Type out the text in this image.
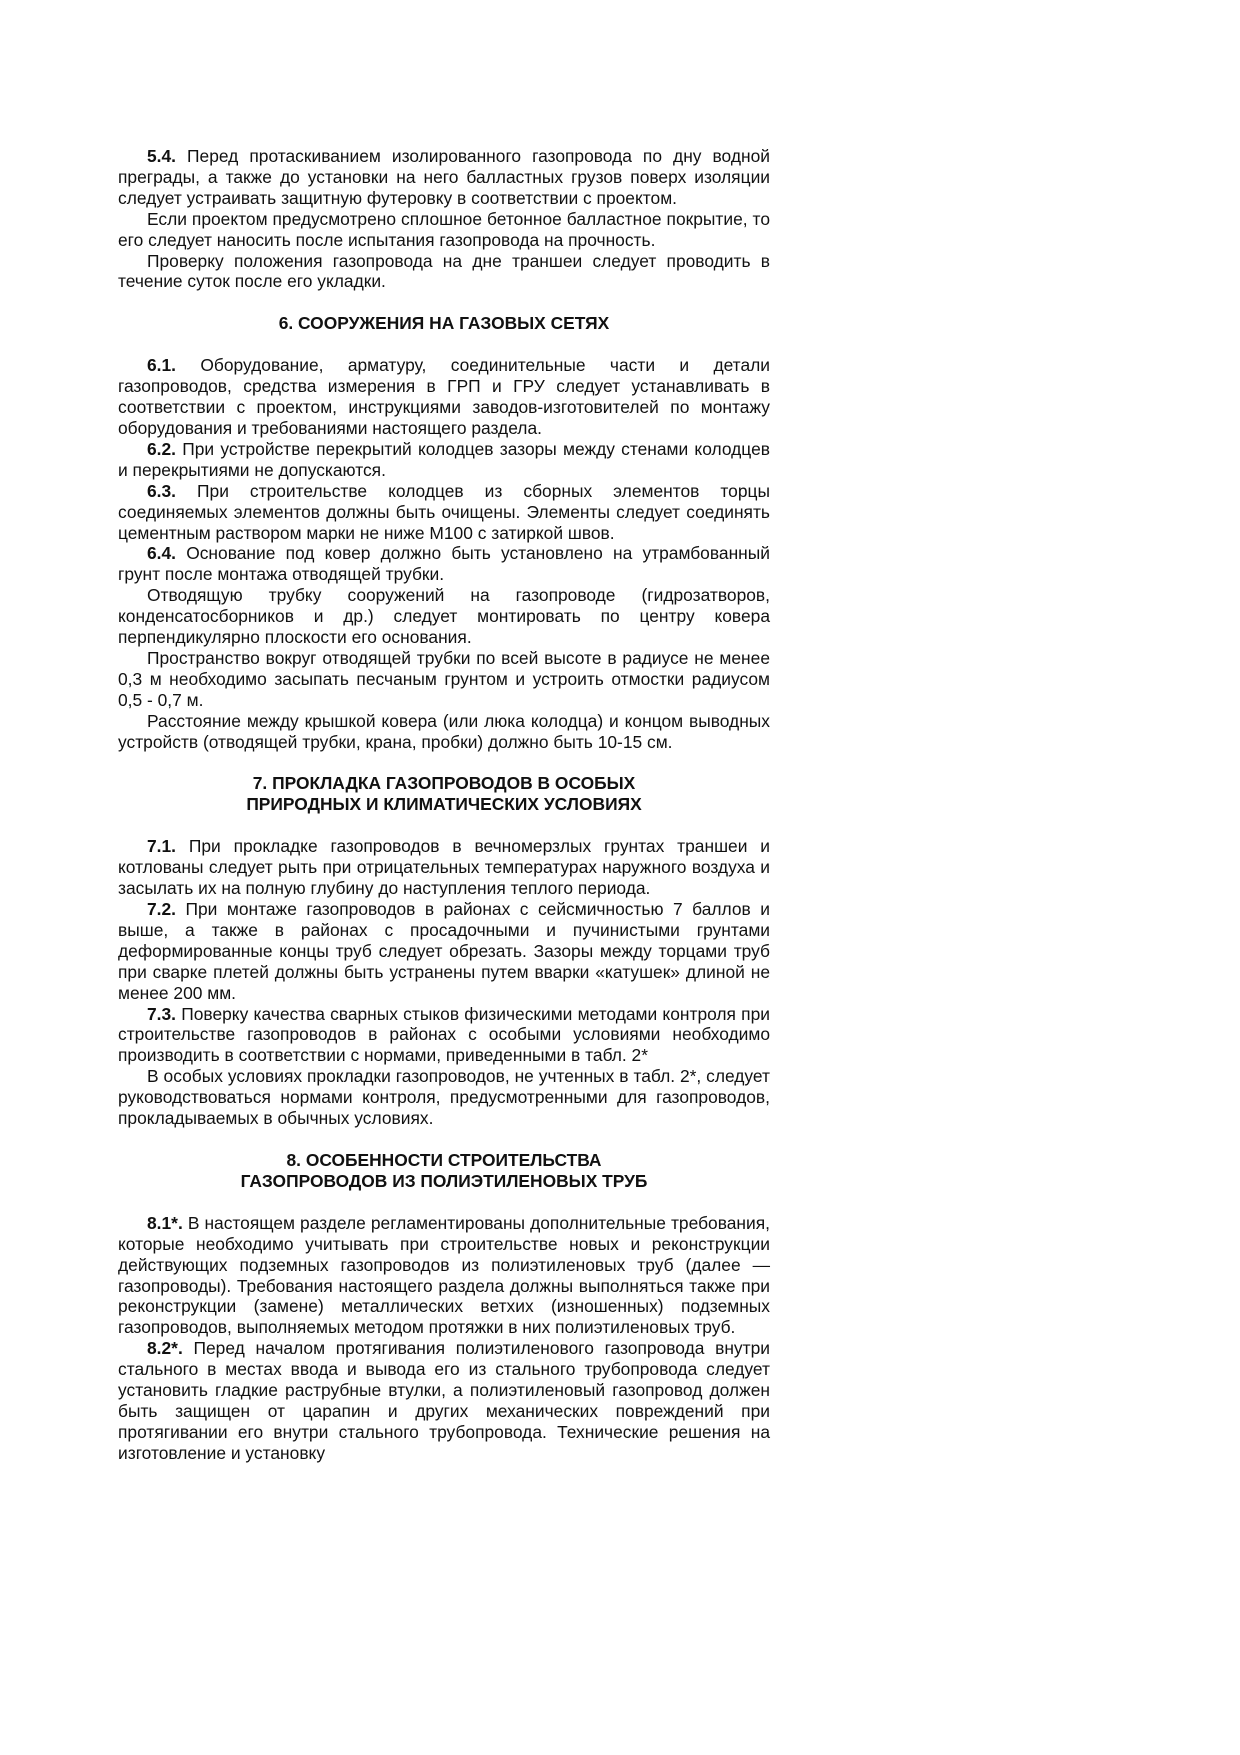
5.4. Перед протаскиванием изолированного газопровода по дну водной преграды, а также до установки на него балластных грузов поверх изоляции следует устраивать защитную футеровку в соответствии с проектом.

Если проектом предусмотрено сплошное бетонное балластное покрытие, то его следует наносить после испытания газопровода на прочность.

Проверку положения газопровода на дне траншеи следует проводить в течение суток после его укладки.

6. СООРУЖЕНИЯ НА ГАЗОВЫХ СЕТЯХ

6.1. Оборудование, арматуру, соединительные части и детали газопроводов, средства измерения в ГРП и ГРУ следует устанавливать в соответствии с проектом, инструкциями заводов-изготовителей по монтажу оборудования и требованиями настоящего раздела.

6.2. При устройстве перекрытий колодцев зазоры между стенами колодцев и перекрытиями не допускаются.

6.3. При строительстве колодцев из сборных элементов торцы соединяемых элементов должны быть очищены. Элементы следует соединять цементным раствором марки не ниже М100 с затиркой швов.

6.4. Основание под ковер должно быть установлено на утрамбованный грунт после монтажа отводящей трубки.

Отводящую трубку сооружений на газопроводе (гидрозатворов, конденсатосборников и др.) следует монтировать по центру ковера перпендикулярно плоскости его основания.

Пространство вокруг отводящей трубки по всей высоте в радиусе не менее 0,3 м необходимо засыпать песчаным грунтом и устроить отмостки радиусом 0,5 - 0,7 м.

Расстояние между крышкой ковера (или люка колодца) и концом выводных устройств (отводящей трубки, крана, пробки) должно быть 10-15 см.

7. ПРОКЛАДКА ГАЗОПРОВОДОВ В ОСОБЫХ
ПРИРОДНЫХ И КЛИМАТИЧЕСКИХ УСЛОВИЯХ

7.1. При прокладке газопроводов в вечномерзлых грунтах траншеи и котлованы следует рыть при отрицательных температурах наружного воздуха и засылать их на полную глубину до наступления теплого периода.

7.2. При монтаже газопроводов в районах с сейсмичностью 7 баллов и выше, а также в районах с просадочными и пучинистыми грунтами деформированные концы труб следует обрезать. Зазоры между торцами труб при сварке плетей должны быть устранены путем вварки «катушек» длиной не менее 200 мм.

7.3. Поверку качества сварных стыков физическими методами контроля при строительстве газопроводов в районах с особыми условиями необходимо производить в соответствии с нормами, приведенными в табл. 2*

В особых условиях прокладки газопроводов, не учтенных в табл. 2*, следует руководствоваться нормами контроля, предусмотренными для газопроводов, прокладываемых в обычных условиях.

8. ОСОБЕННОСТИ СТРОИТЕЛЬСТВА
ГАЗОПРОВОДОВ ИЗ ПОЛИЭТИЛЕНОВЫХ ТРУБ

8.1*. В настоящем разделе регламентированы дополнительные требования, которые необходимо учитывать при строительстве новых и реконструкции действующих подземных газопроводов из полиэтиленовых труб (далее — газопроводы). Требования настоящего раздела должны выполняться также при реконструкции (замене) металлических ветхих (изношенных) подземных газопроводов, выполняемых методом протяжки в них полиэтиленовых труб.

8.2*. Перед началом протягивания полиэтиленового газопровода внутри стального в местах ввода и вывода его из стального трубопровода следует установить гладкие раструбные втулки, а полиэтиленовый газопровод должен быть защищен от царапин и других механических повреждений при протягивании его внутри стального трубопровода. Технические решения на изготовление и установку
